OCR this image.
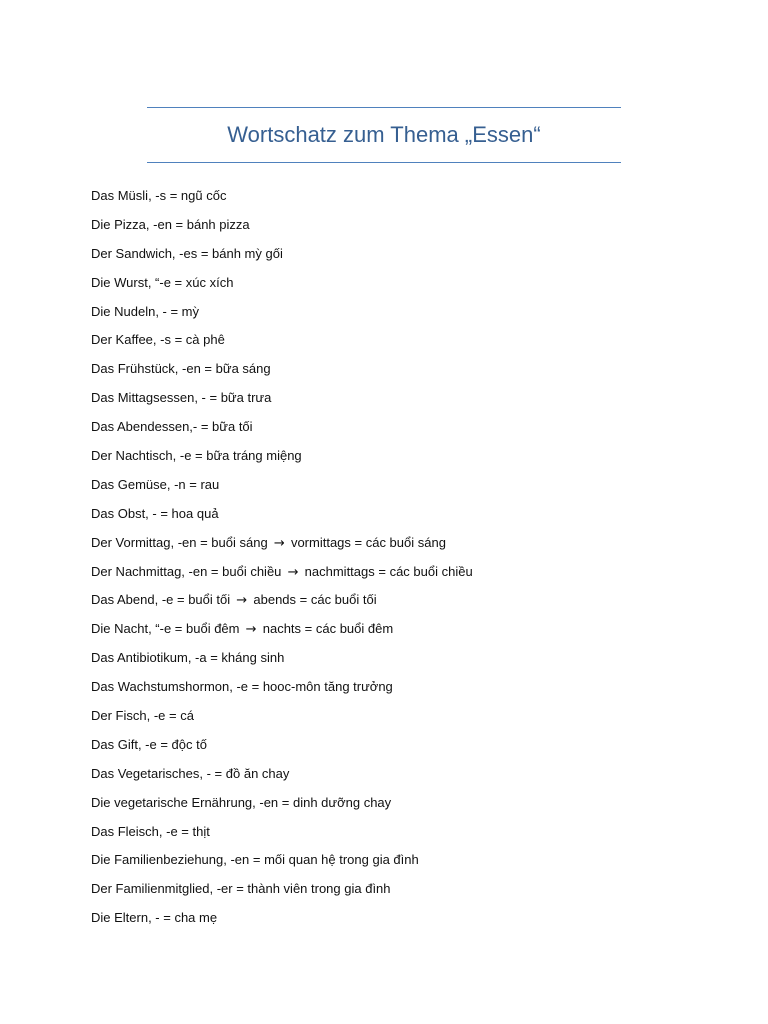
Wortschatz zum Thema „Essen“
Das Müsli, -s = ngũ cốc
Die Pizza, -en = bánh pizza
Der Sandwich, -es = bánh mỳ gối
Die Wurst, “-e = xúc xích
Die Nudeln, - = mỳ
Der Kaffee, -s = cà phê
Das Frühstück, -en = bữa sáng
Das Mittagsessen, - = bữa trưa
Das Abendessen,- = bữa tối
Der Nachtisch, -e = bữa tráng miệng
Das Gemüse, -n = rau
Das Obst, - = hoa quả
Der Vormittag, -en = buổi sáng → vormittags = các buổi sáng
Der Nachmittag, -en = buổi chiều → nachmittags = các buổi chiều
Das Abend, -e = buổi tối → abends = các buổi tối
Die Nacht, “-e = buổi đêm → nachts = các buổi đêm
Das Antibiotikum, -a = kháng sinh
Das Wachstumshormon, -e = hooc-môn tăng trưởng
Der Fisch, -e = cá
Das Gift, -e = độc tố
Das Vegetarisches, - = đồ ăn chay
Die vegetarische Ernährung, -en = dinh dưỡng chay
Das Fleisch, -e = thịt
Die Familienbeziehung, -en = mối quan hệ trong gia đình
Der Familienmitglied, -er = thành viên trong gia đình
Die Eltern, - = cha mẹ
